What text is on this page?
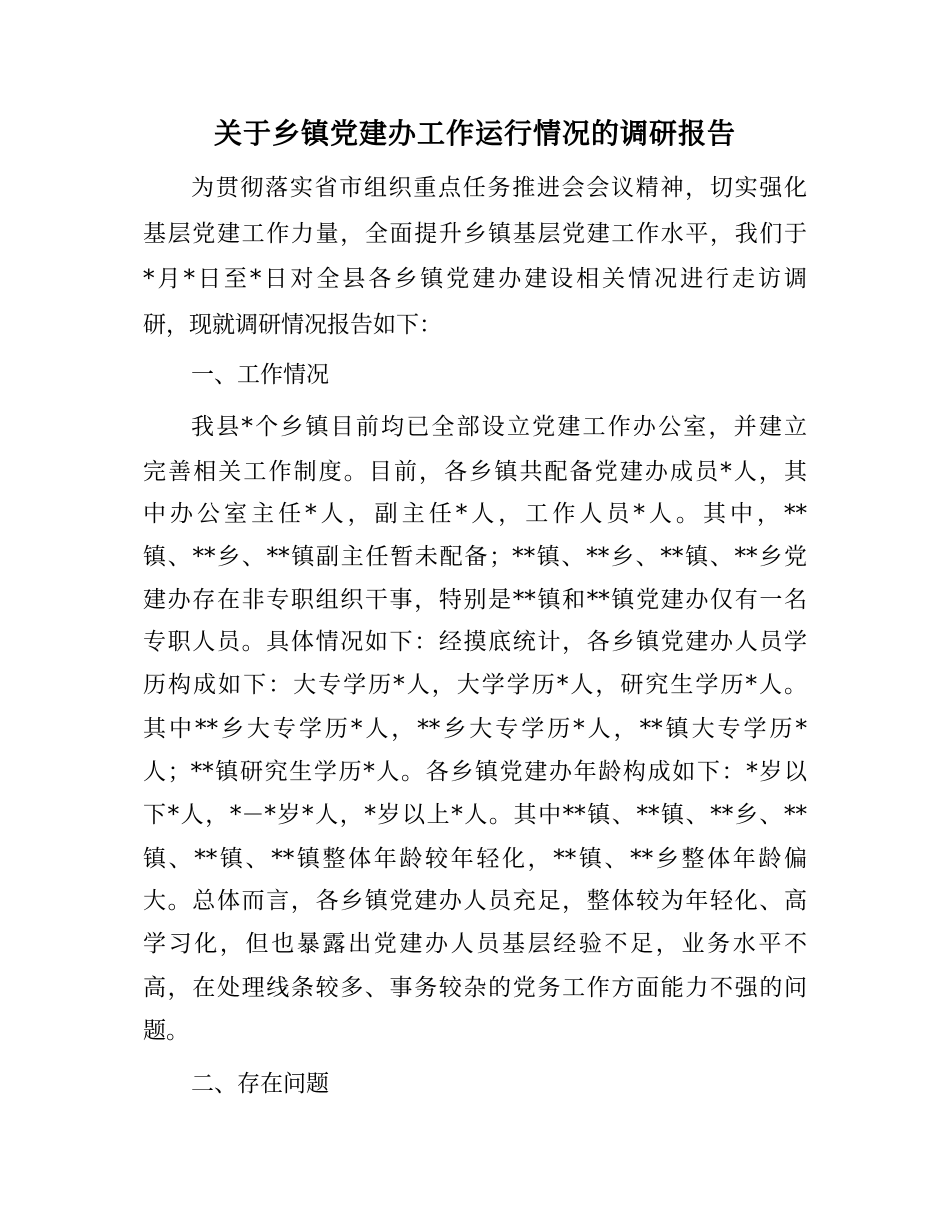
关于乡镇党建办工作运行情况的调研报告

为贯彻落实省市组织重点任务推进会会议精神，切实强化

基层党建工作力量，全面提升乡镇基层党建工作水平，我们于

*月*日至*日对全县各乡镇党建办建设相关情况进行走访调

研，现就调研情况报告如下：

一、工作情况

我县*个乡镇目前均已全部设立党建工作办公室，并建立

完善相关工作制度。目前，各乡镇共配备党建办成员*人，其

中办公室主任*人，副主任*人，工作人员*人。其中，**

镇、**乡、**镇副主任暂未配备；**镇、**乡、**镇、**乡党

建办存在非专职组织干事，特别是**镇和**镇党建办仅有一名

专职人员。具体情况如下：经摸底统计，各乡镇党建办人员学

历构成如下：大专学历*人，大学学历*人，研究生学历*人。

其中**乡大专学历*人，**乡大专学历*人，**镇大专学历*

人；**镇研究生学历*人。各乡镇党建办年龄构成如下：*岁以

下*人，*－*岁*人，*岁以上*人。其中**镇、**镇、**乡、**

镇、**镇、**镇整体年龄较年轻化，**镇、**乡整体年龄偏

大。总体而言，各乡镇党建办人员充足，整体较为年轻化、高

学习化，但也暴露出党建办人员基层经验不足，业务水平不

高，在处理线条较多、事务较杂的党务工作方面能力不强的问

题。

二、存在问题
